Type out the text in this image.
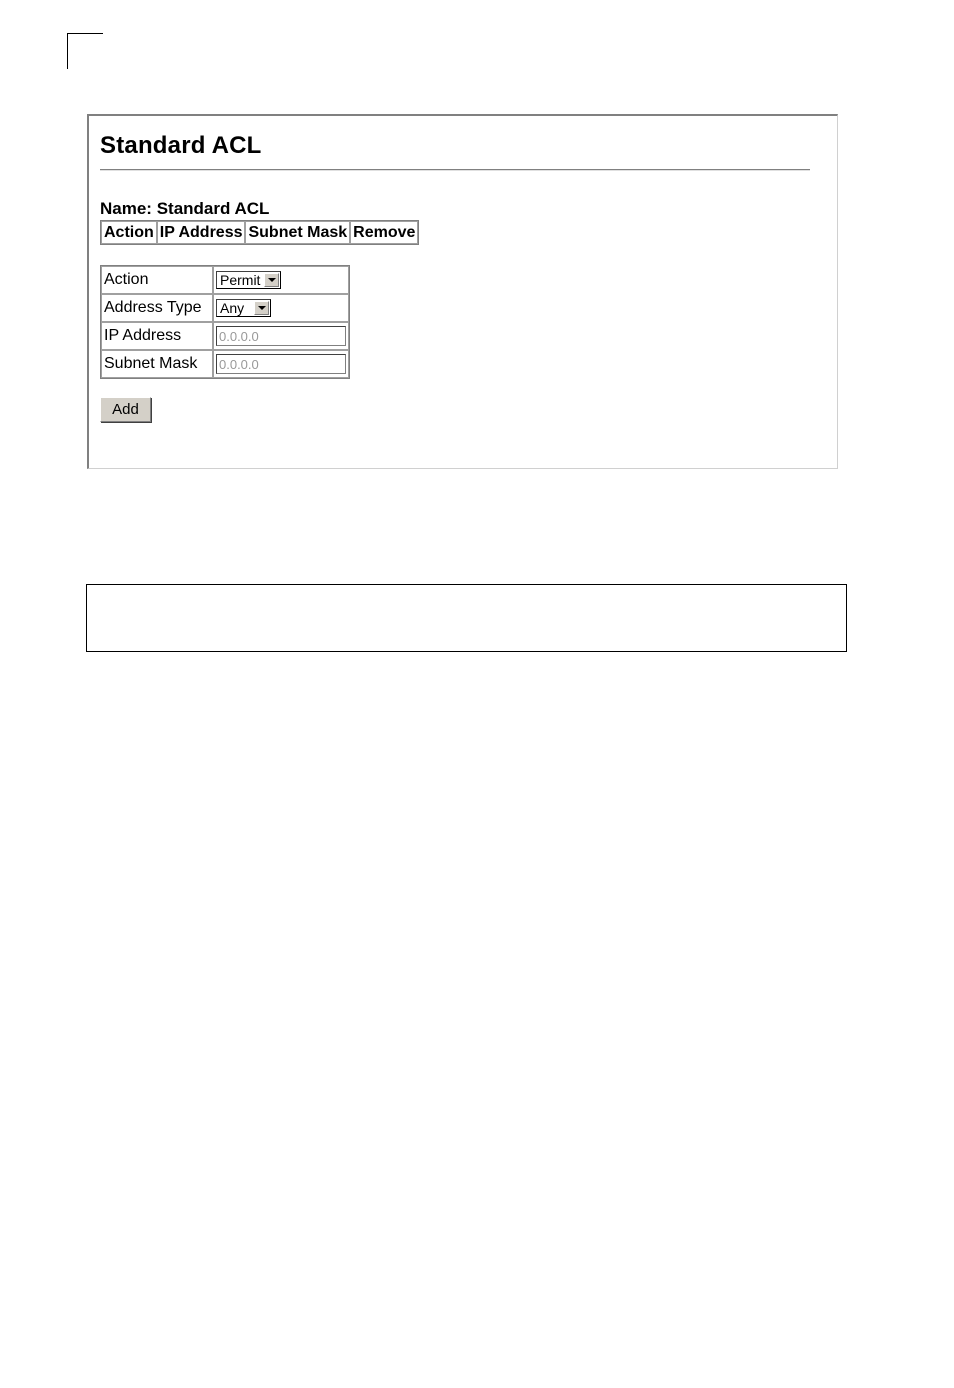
Standard ACL
Name: Standard ACL
Action	IP Address	Subnet Mask	Remove
Action	Permit

Address Type	Any

IP Address	0.0.0.0
Subnet Mask	0.0.0.0
Add
